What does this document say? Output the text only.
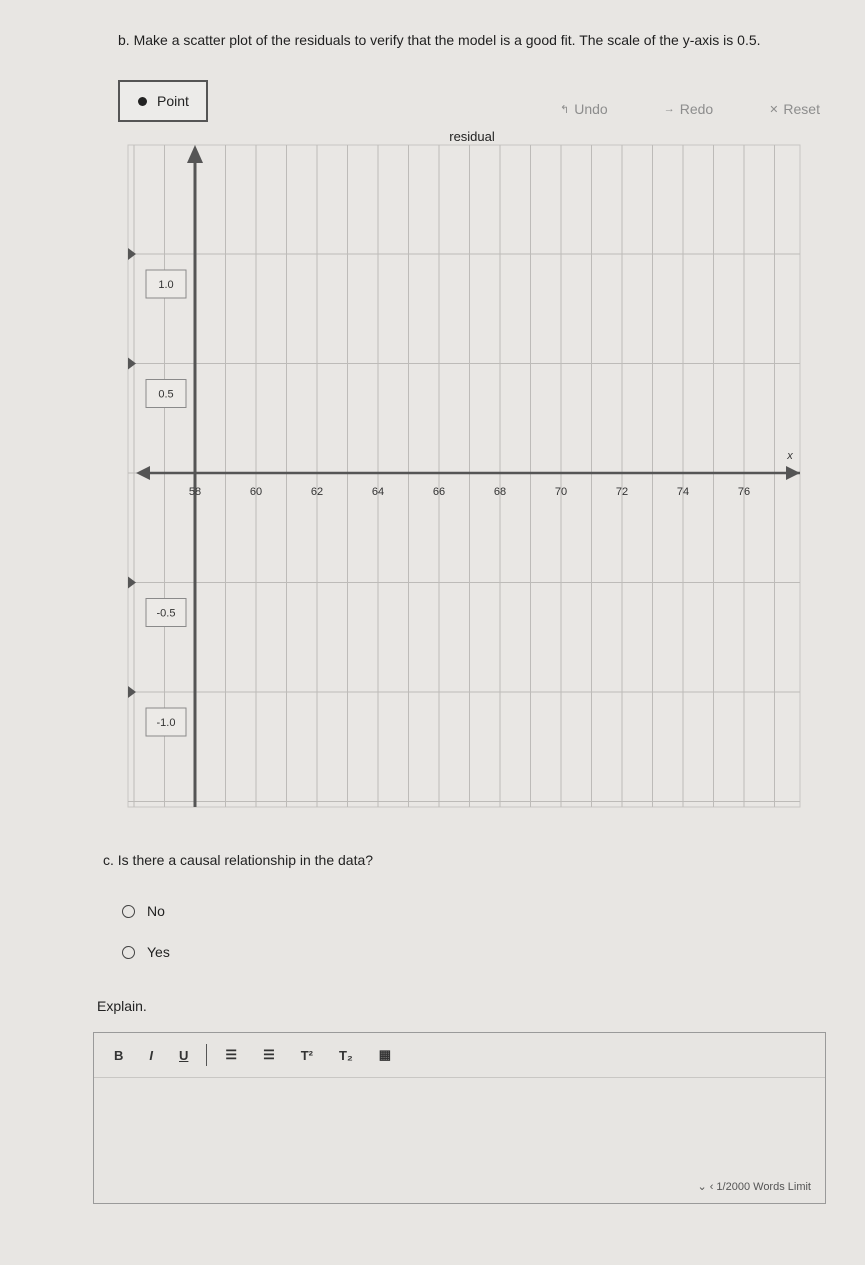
b. Make a scatter plot of the residuals to verify that the model is a good fit. The scale of the y-axis is 0.5.
Point
↰ Undo	→ Redo	✕ Reset
58	60	62	64	66	68	70	72	74	76
x
residual
1.0
0.5
-0.5
-1.0
c. Is there a causal relationship in the data?
No
Yes
Explain.
B I U	☰ ☰ T² T₂ ▦
⌄ ‹ 1/2000 Words Limit
